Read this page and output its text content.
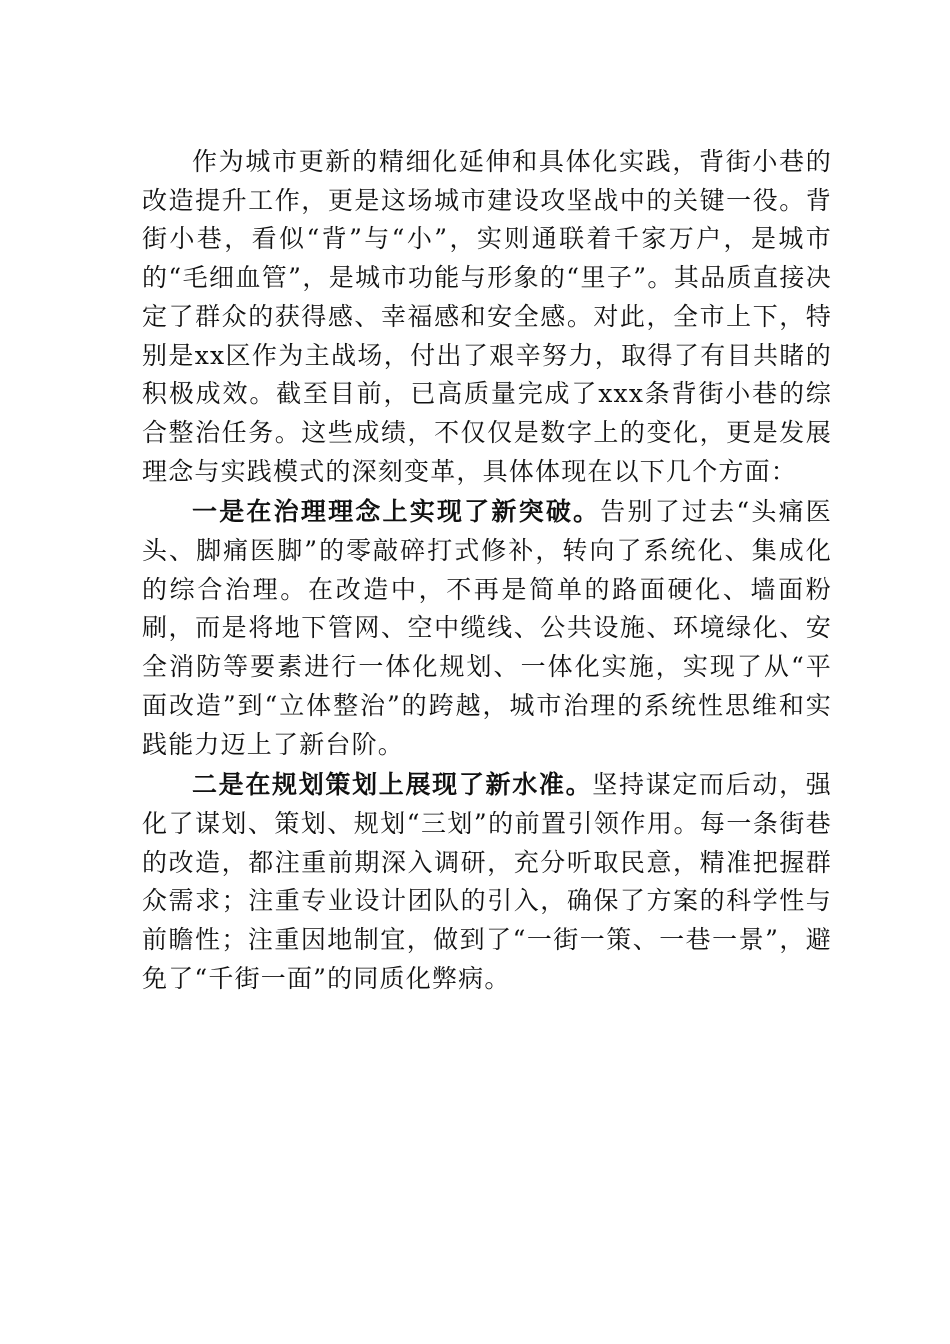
作为城市更新的精细化延伸和具体化实践，背街小巷的改造提升工作，更是这场城市建设攻坚战中的关键一役。背街小巷，看似“背”与“小”，实则通联着千家万户，是城市的“毛细血管”，是城市功能与形象的“里子”。其品质直接决定了群众的获得感、幸福感和安全感。对此，全市上下，特别是xx区作为主战场，付出了艰辛努力，取得了有目共睹的积极成效。截至目前，已高质量完成了xxx条背街小巷的综合整治任务。这些成绩，不仅仅是数字上的变化，更是发展理念与实践模式的深刻变革，具体体现在以下几个方面：

一是在治理理念上实现了新突破。告别了过去“头痛医头、脚痛医脚”的零敲碎打式修补，转向了系统化、集成化的综合治理。在改造中，不再是简单的路面硬化、墙面粉刷，而是将地下管网、空中缆线、公共设施、环境绿化、安全消防等要素进行一体化规划、一体化实施，实现了从“平面改造”到“立体整治”的跨越，城市治理的系统性思维和实践能力迈上了新台阶。

二是在规划策划上展现了新水准。坚持谋定而后动，强化了谋划、策划、规划“三划”的前置引领作用。每一条街巷的改造，都注重前期深入调研，充分听取民意，精准把握群众需求；注重专业设计团队的引入，确保了方案的科学性与前瞻性；注重因地制宜，做到了“一街一策、一巷一景”，避免了“千街一面”的同质化弊病。
